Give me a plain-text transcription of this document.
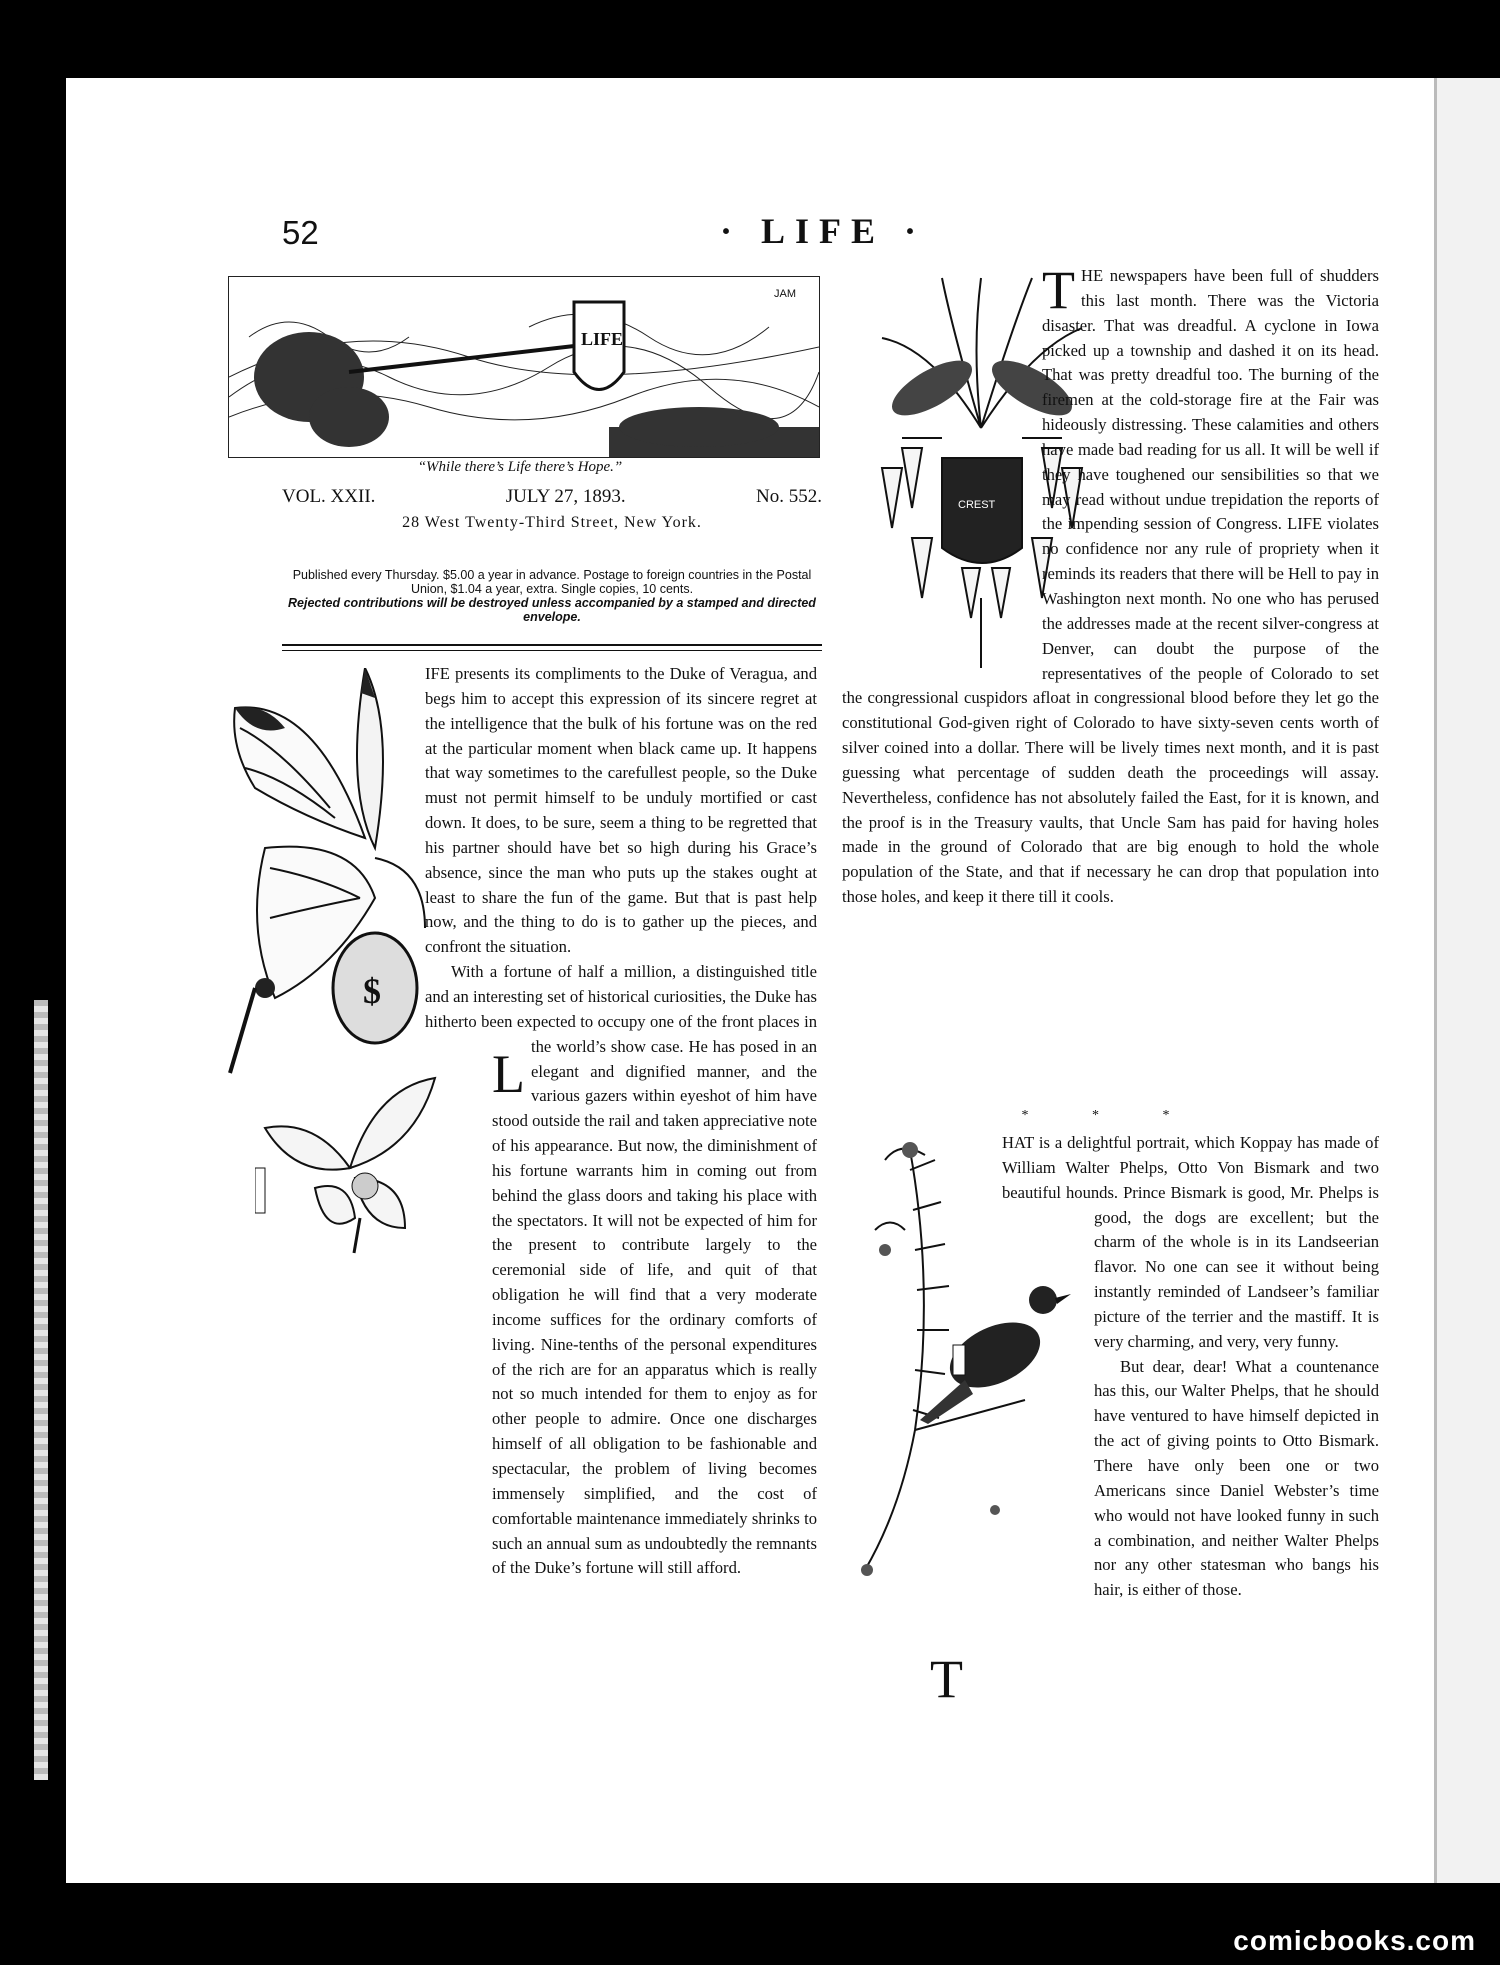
52	· LIFE ·
LIFE
JAM
“While there’s Life there’s Hope.”
VOL. XXII.	JULY 27, 1893.	No. 552.
28 West Twenty-Third Street, New York.
Published every Thursday. $5.00 a year in advance. Postage to foreign countries in the Postal Union, $1.04 a year, extra. Single copies, 10 cents.
Rejected contributions will be destroyed unless accompanied by a stamped and directed envelope.
$

L
IFE presents its compliments to the Duke of Veragua, and begs him to accept this expression of its sincere regret at the intelligence that the bulk of his fortune was on the red at the particular moment when black came up. It happens that way sometimes to the carefullest people, so the Duke must not permit himself to be unduly mortified or cast down. It does, to be sure, seem a thing to be regretted that his partner should have bet so high during his Grace’s absence, since the man who puts up the stakes ought at least to share the fun of the game. But that is past help now, and the thing to do is to gather up the pieces, and confront the situation.

With a fortune of half a million, a distinguished title and an interesting set of historical curiosities, the Duke has hitherto been expected to occupy one of the front places in the world’s show case. He has posed in an elegant and dignified manner, and the various gazers within eyeshot of him have stood outside the rail and taken appreciative note of his appearance. But now, the diminishment of his fortune warrants him in coming out from behind the glass doors and taking his place with the spectators. It will not be expected of him for the present to contribute largely to the ceremonial side of life, and quit of that obligation he will find that a very moderate income suffices for the ordinary comforts of living. Nine-tenths of the personal expenditures of the rich are for an apparatus which is really not so much intended for them to enjoy as for other people to admire. Once one discharges himself of all obligation to be fashionable and spectacular, the problem of living becomes immensely simplified, and the cost of comfortable maintenance immediately shrinks to such an annual sum as undoubtedly the remnants of the Duke’s fortune will still afford.

CREST

THE newspapers have been full of shudders this last month. There was the Victoria disaster. That was dreadful. A cyclone in Iowa picked up a township and dashed it on its head. That was pretty dreadful too. The burning of the firemen at the cold-storage fire at the Fair was hideously distressing. These calamities and others have made bad reading for us all. It will be well if they have toughened our sensibilities so that we may read without undue trepidation the reports of the impending session of Congress. LIFE violates no confidence nor any rule of propriety when it reminds its readers that there will be Hell to pay in Washington next month. No one who has perused the addresses made at the recent silver-congress at Denver, can doubt the purpose of the representatives of the people of Colorado to set the congressional cuspidors afloat in congressional blood before they let go the constitutional God-given right of Colorado to have sixty-seven cents worth of silver coined into a dollar. There will be lively times next month, and it is past guessing what percentage of sudden death the proceedings will assay. Nevertheless, confidence has not absolutely failed the East, for it is known, and the proof is in the Treasury vaults, that Uncle Sam has paid for having holes made in the ground of Colorado that are big enough to hold the whole population of the State, and that if necessary he can drop that population into those holes, and keep it there till it cools.

* * *

T
HAT is a delightful portrait, which Koppay has made of William Walter Phelps, Otto Von Bismark and two beautiful hounds. Prince Bismark is good, Mr. Phelps is good, the dogs are excellent; but the charm of the whole is in its Landseerian flavor. No one can see it without being instantly reminded of Landseer’s familiar picture of the terrier and the mastiff. It is very charming, and very, very funny.

But dear, dear! What a countenance has this, our Walter Phelps, that he should have ventured to have himself depicted in the act of giving points to Otto Bismark. There have only been one or two Americans since Daniel Webster’s time who would not have looked funny in such a combination, and neither Walter Phelps nor any other statesman who bangs his hair, is either of those.

comicbooks.com
